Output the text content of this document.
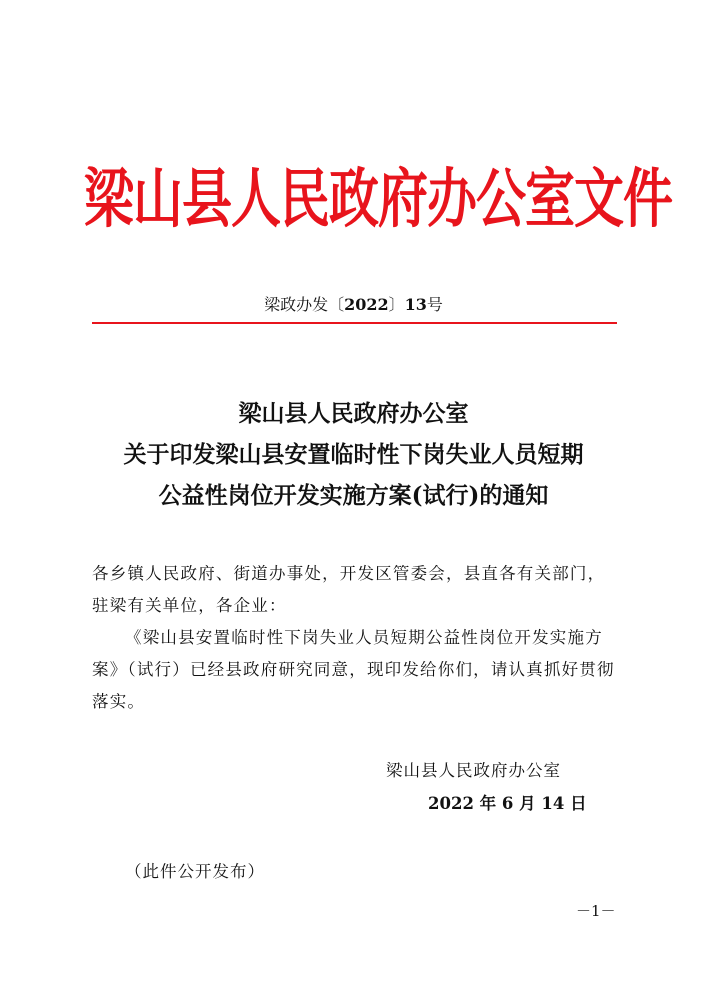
梁山县人民政府办公室文件
梁政办发〔2022〕13号
梁山县人民政府办公室
关于印发梁山县安置临时性下岗失业人员短期
公益性岗位开发实施方案(试行)的通知
各乡镇人民政府、街道办事处，开发区管委会，县直各有关部门，驻梁有关单位，各企业：
《梁山县安置临时性下岗失业人员短期公益性岗位开发实施方案》（试行）已经县政府研究同意，现印发给你们，请认真抓好贯彻落实。
梁山县人民政府办公室
2022 年 6 月 14 日
（此件公开发布）
－1－
